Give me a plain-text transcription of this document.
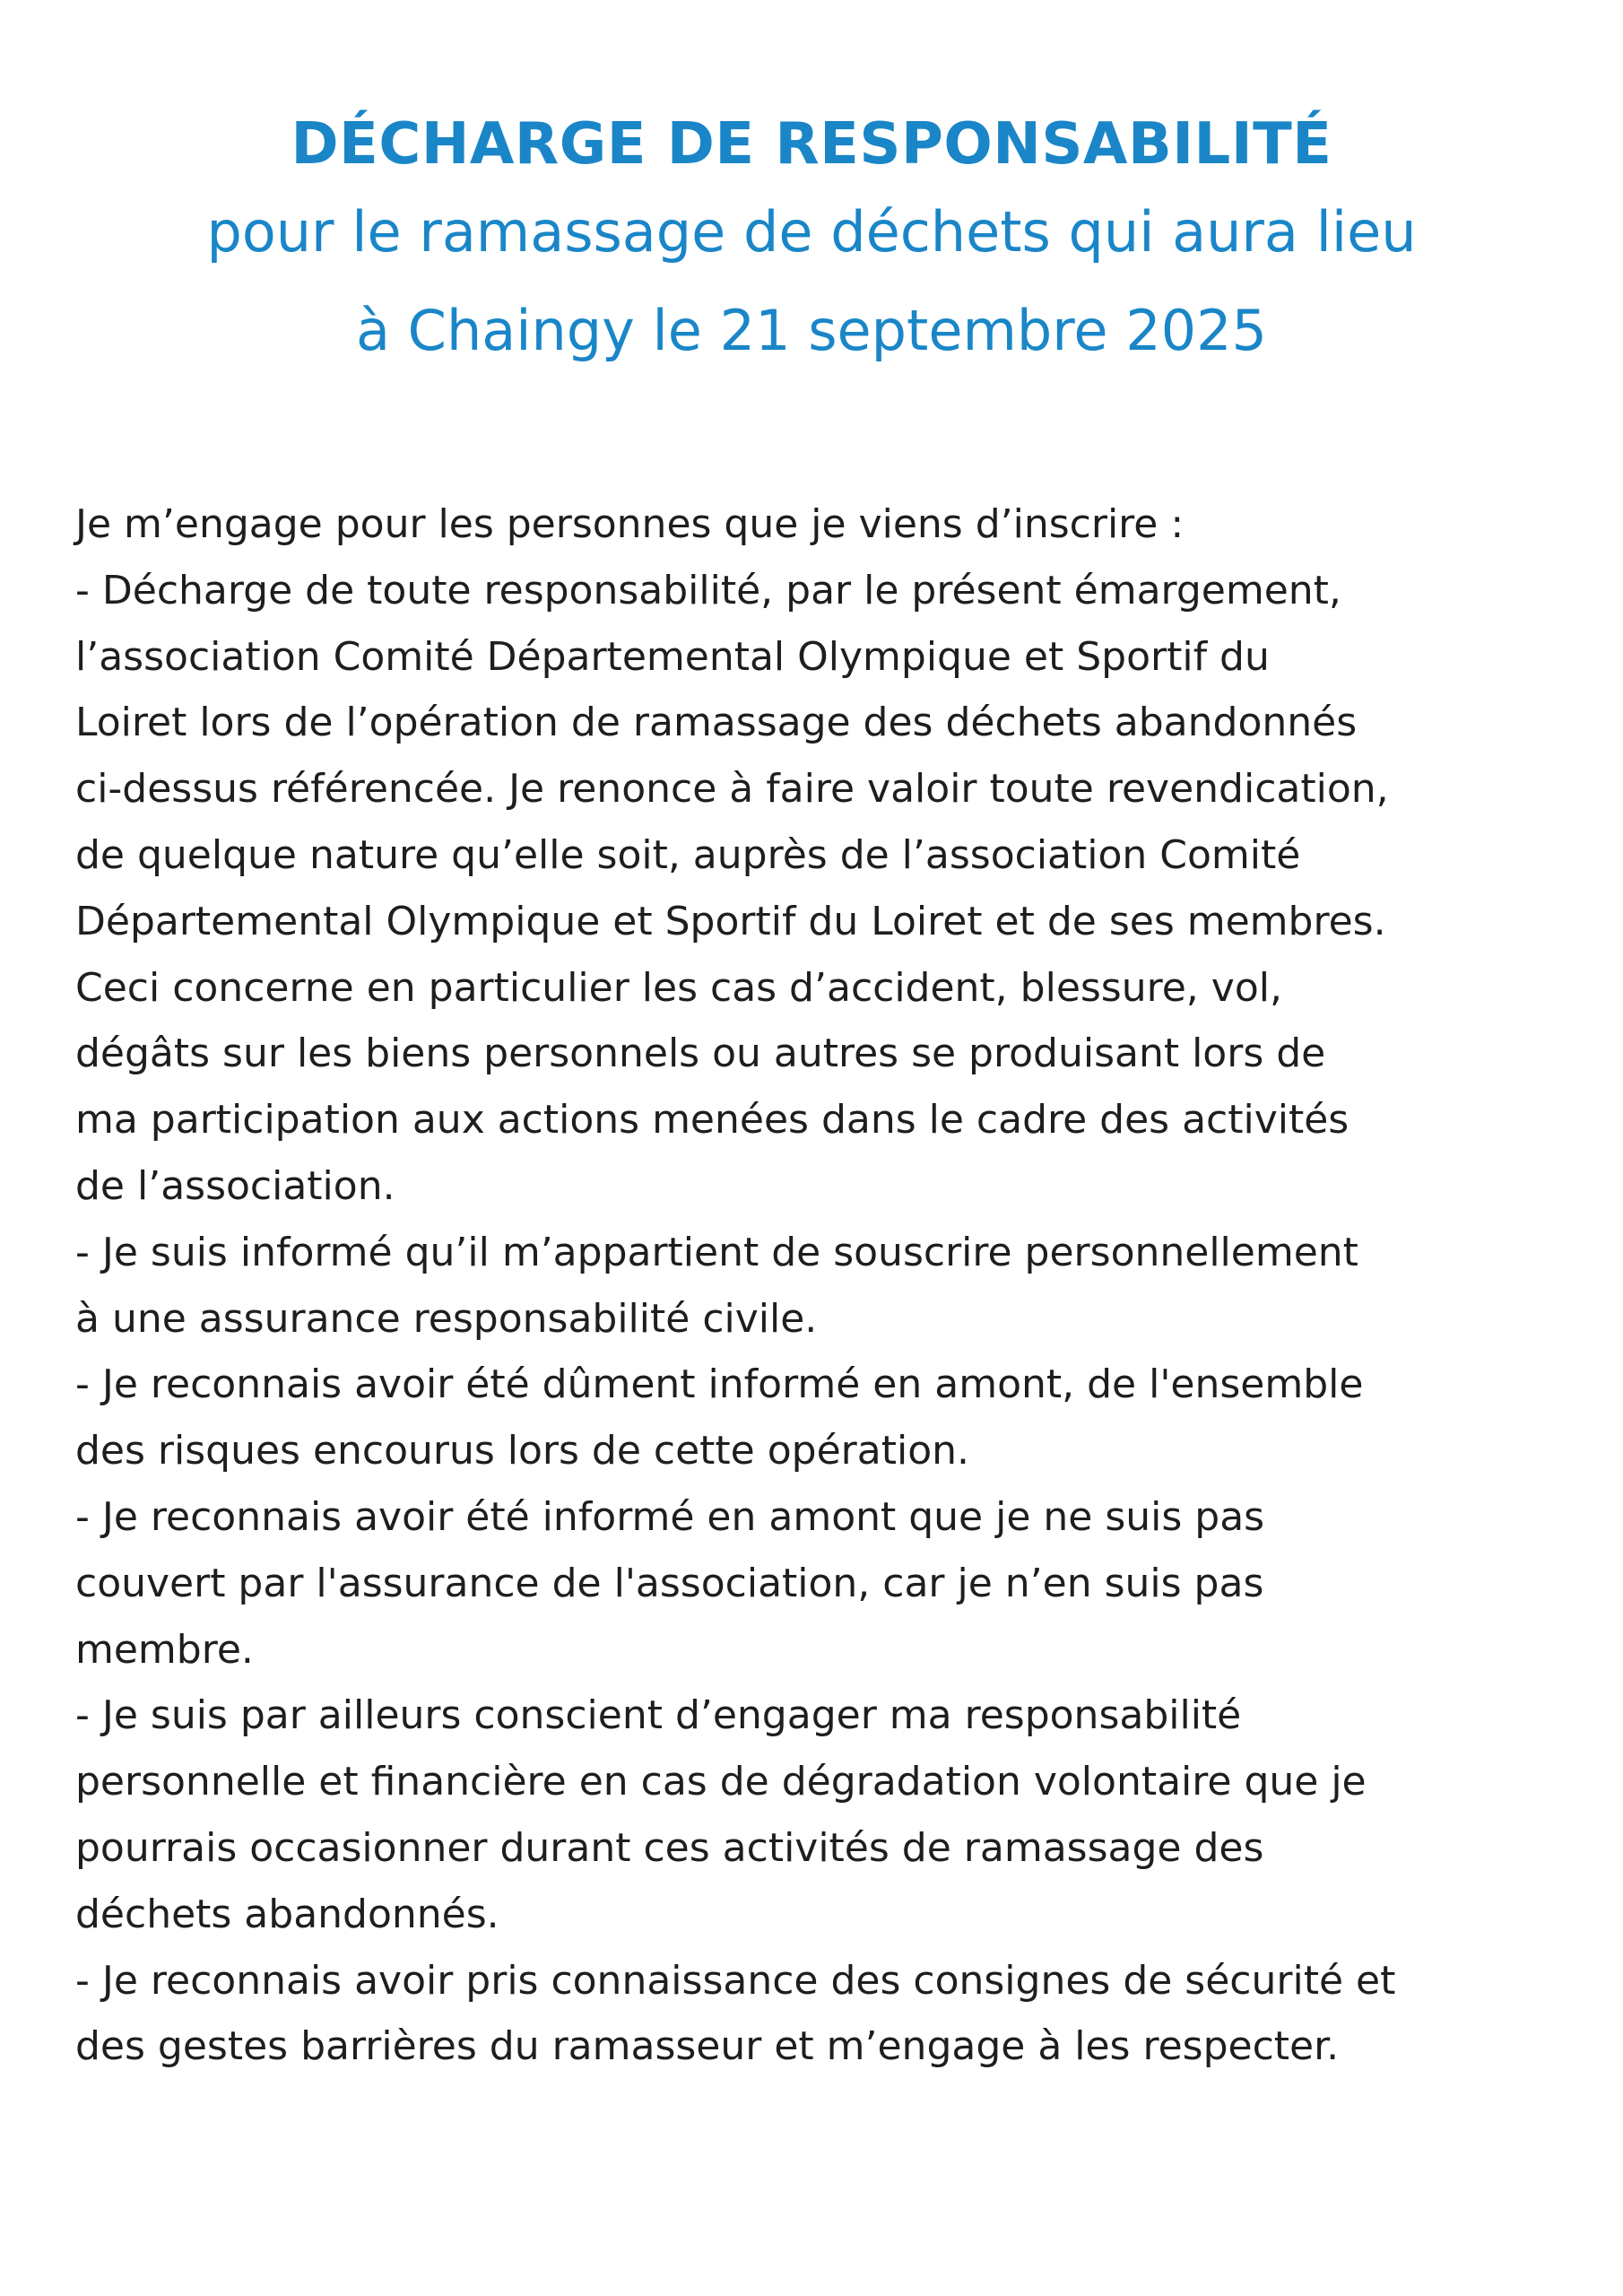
DÉCHARGE DE RESPONSABILITÉ

pour le ramassage de déchets qui aura lieu

à Chaingy le 21 septembre 2025

Je m’engage pour les personnes que je viens d’inscrire :
- Décharge de toute responsabilité, par le présent émargement,
l’association Comité Départemental Olympique et Sportif du
Loiret lors de l’opération de ramassage des déchets abandonnés
ci-dessus référencée. Je renonce à faire valoir toute revendication,
de quelque nature qu’elle soit, auprès de l’association Comité
Départemental Olympique et Sportif du Loiret et de ses membres.
Ceci concerne en particulier les cas d’accident, blessure, vol,
dégâts sur les biens personnels ou autres se produisant lors de
ma participation aux actions menées dans le cadre des activités
de l’association.
- Je suis informé qu’il m’appartient de souscrire personnellement
à une assurance responsabilité civile.
- Je reconnais avoir été dûment informé en amont, de l'ensemble
des risques encourus lors de cette opération.
- Je reconnais avoir été informé en amont que je ne suis pas
couvert par l'assurance de l'association, car je n’en suis pas
membre.
- Je suis par ailleurs conscient d’engager ma responsabilité
personnelle et financière en cas de dégradation volontaire que je
pourrais occasionner durant ces activités de ramassage des
déchets abandonnés.
- Je reconnais avoir pris connaissance des consignes de sécurité et
des gestes barrières du ramasseur et m’engage à les respecter.
